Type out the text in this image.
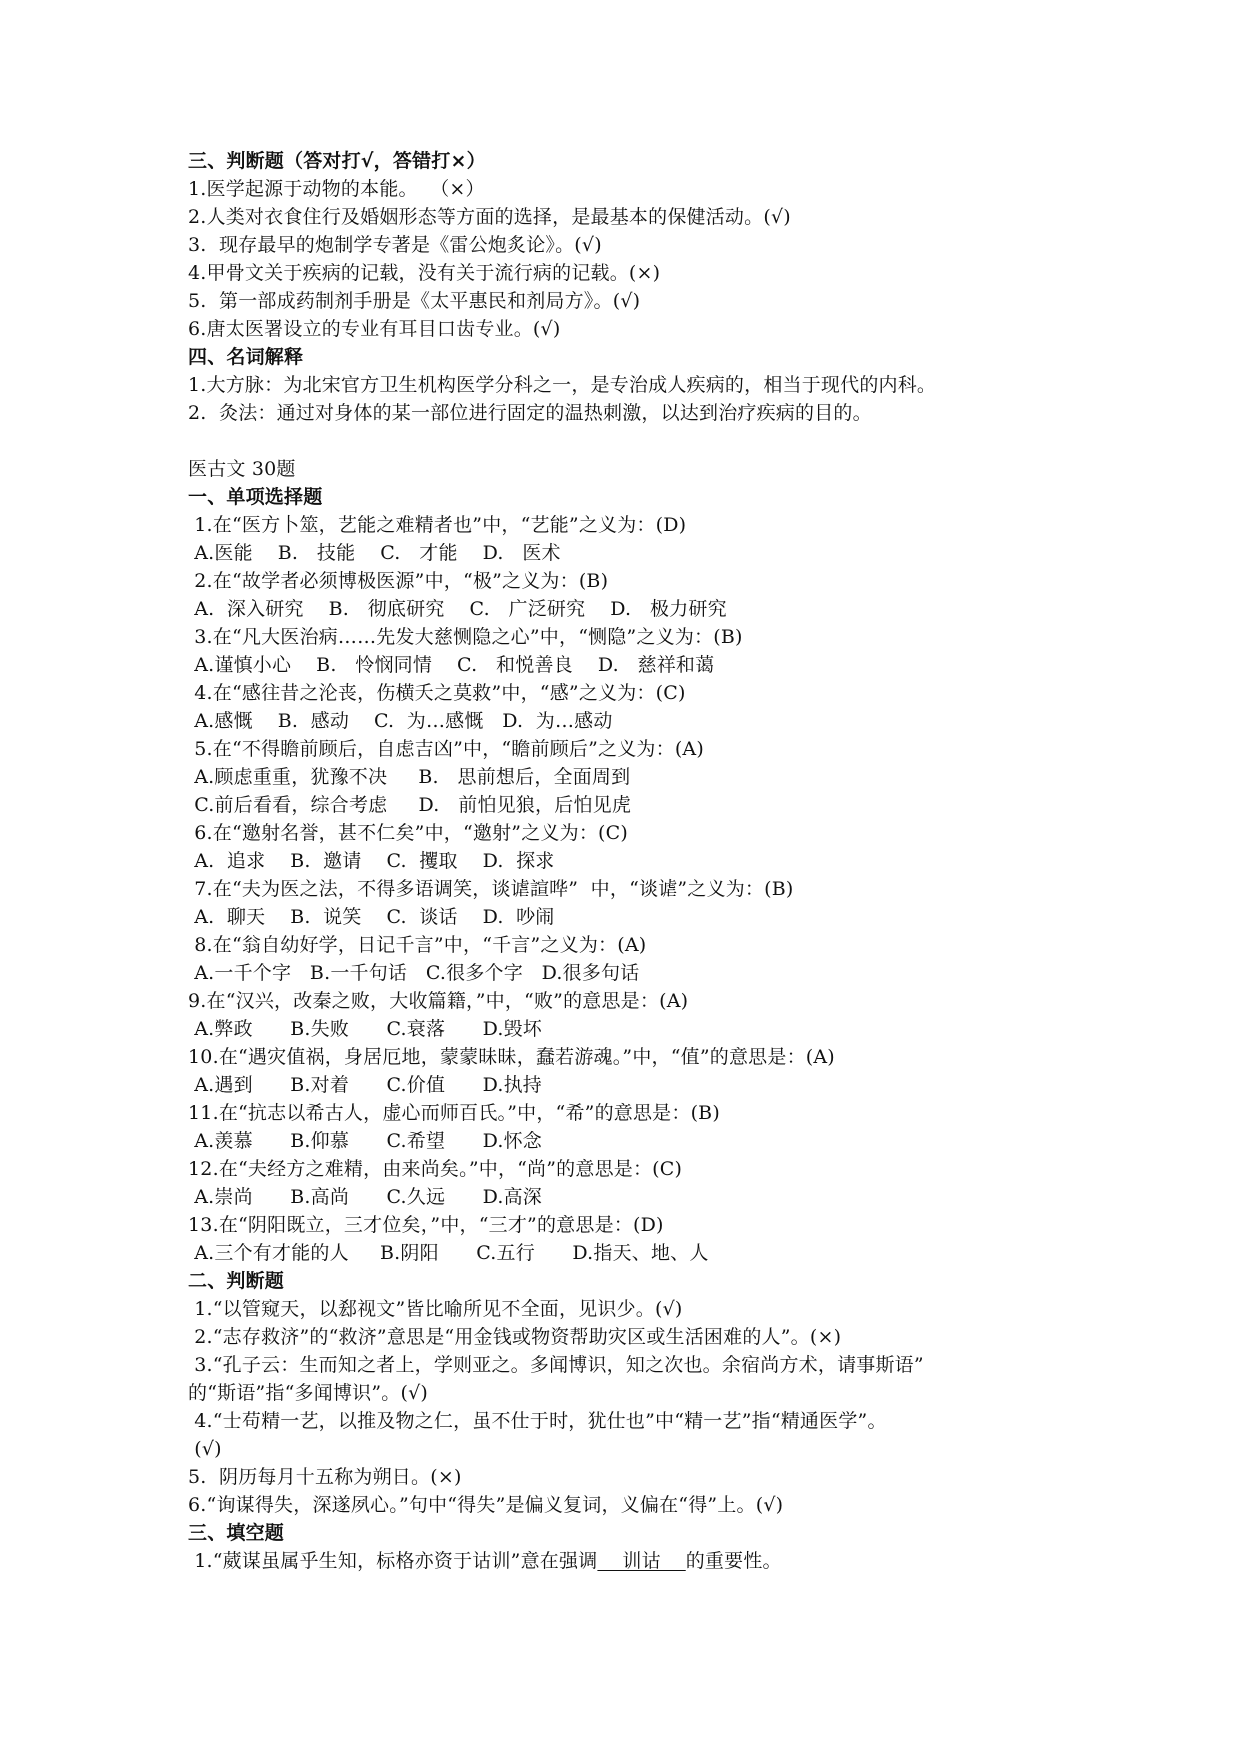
三、判断题（答对打√，答错打×）
1.医学起源于动物的本能。  （×）
2.人类对衣食住行及婚姻形态等方面的选择，是最基本的保健活动。(√)
3.  现存最早的炮制学专著是《雷公炮炙论》。(√)
4.甲骨文关于疾病的记载，没有关于流行病的记载。(×)
5.  第一部成药制剂手册是《太平惠民和剂局方》。(√)
6.唐太医署设立的专业有耳目口齿专业。(√)
四、名词解释
1.大方脉：为北宋官方卫生机构医学分科之一，是专治成人疾病的，相当于现代的内科。
2.  灸法：通过对身体的某一部位进行固定的温热刺激，以达到治疗疾病的目的。
医古文 30题
一、单项选择题
1.在“医方卜筮，艺能之难精者也”中，“艺能”之义为：(D)
A.医能    B.   技能    C.   才能    D.   医术
2.在“故学者必须博极医源”中，“极”之义为：(B)
A.  深入研究    B.   彻底研究    C.   广泛研究    D.   极力研究
3.在“凡大医治病……先发大慈恻隐之心”中，“恻隐”之义为：(B)
A.谨慎小心    B.   怜悯同情    C.   和悦善良    D.   慈祥和蔼
4.在“感往昔之沦丧，伤横夭之莫救”中，“感”之义为：(C)
A.感慨    B.  感动    C.  为…感慨   D.  为…感动
5.在“不得瞻前顾后，自虑吉凶”中，“瞻前顾后”之义为：(A)
A.顾虑重重，犹豫不决     B.   思前想后，全面周到
C.前后看看，综合考虑     D.   前怕见狼，后怕见虎
6.在“邀射名誉，甚不仁矣”中，“邀射”之义为：(C)
A.  追求    B.  邀请    C.  攫取    D.  探求
7.在“夫为医之法，不得多语调笑，谈谑諠哗”  中，“谈谑”之义为：(B)
A.  聊天    B.  说笑    C.  谈话    D.  吵闹
8.在“翁自幼好学，日记千言”中，“千言”之义为：(A)
A.一千个字   B.一千句话   C.很多个字   D.很多句话
9.在“汉兴，改秦之败，大收篇籍，”中，“败”的意思是：(A)
A.弊政      B.失败      C.衰落      D.毁坏
10.在“遇灾值祸，身居厄地，蒙蒙昧昧，蠢若游魂。”中，“值”的意思是：(A)
A.遇到      B.对着      C.价值      D.执持
11.在“抗志以希古人，虚心而师百氏。”中，“希”的意思是：(B)
A.羡慕      B.仰慕      C.希望      D.怀念
12.在“夫经方之难精，由来尚矣。”中，“尚”的意思是：(C)
A.崇尚      B.高尚      C.久远      D.高深
13.在“阴阳既立，三才位矣，”中，“三才”的意思是：(D)
A.三个有才能的人     B.阴阳      C.五行      D.指天、地、人
二、判断题
1.“以管窥天，以郄视文”皆比喻所见不全面，见识少。(√)
2.“志存救济”的“救济”意思是“用金钱或物资帮助灾区或生活困难的人”。(×)
3.“孔子云：生而知之者上，学则亚之。多闻博识，知之次也。余宿尚方术，请事斯语”
的“斯语”指“多闻博识”。(√)
4.“士苟精一艺，以推及物之仁，虽不仕于时，犹仕也”中“精一艺”指“精通医学”。
(√)
5.  阴历每月十五称为朔日。(×)
6.“询谋得失，深遂夙心。”句中“得失”是偏义复词，义偏在“得”上。(√)
三、填空题
1.“葳谋虽属乎生知，标格亦资于诂训”意在强调    训诂    的重要性。
